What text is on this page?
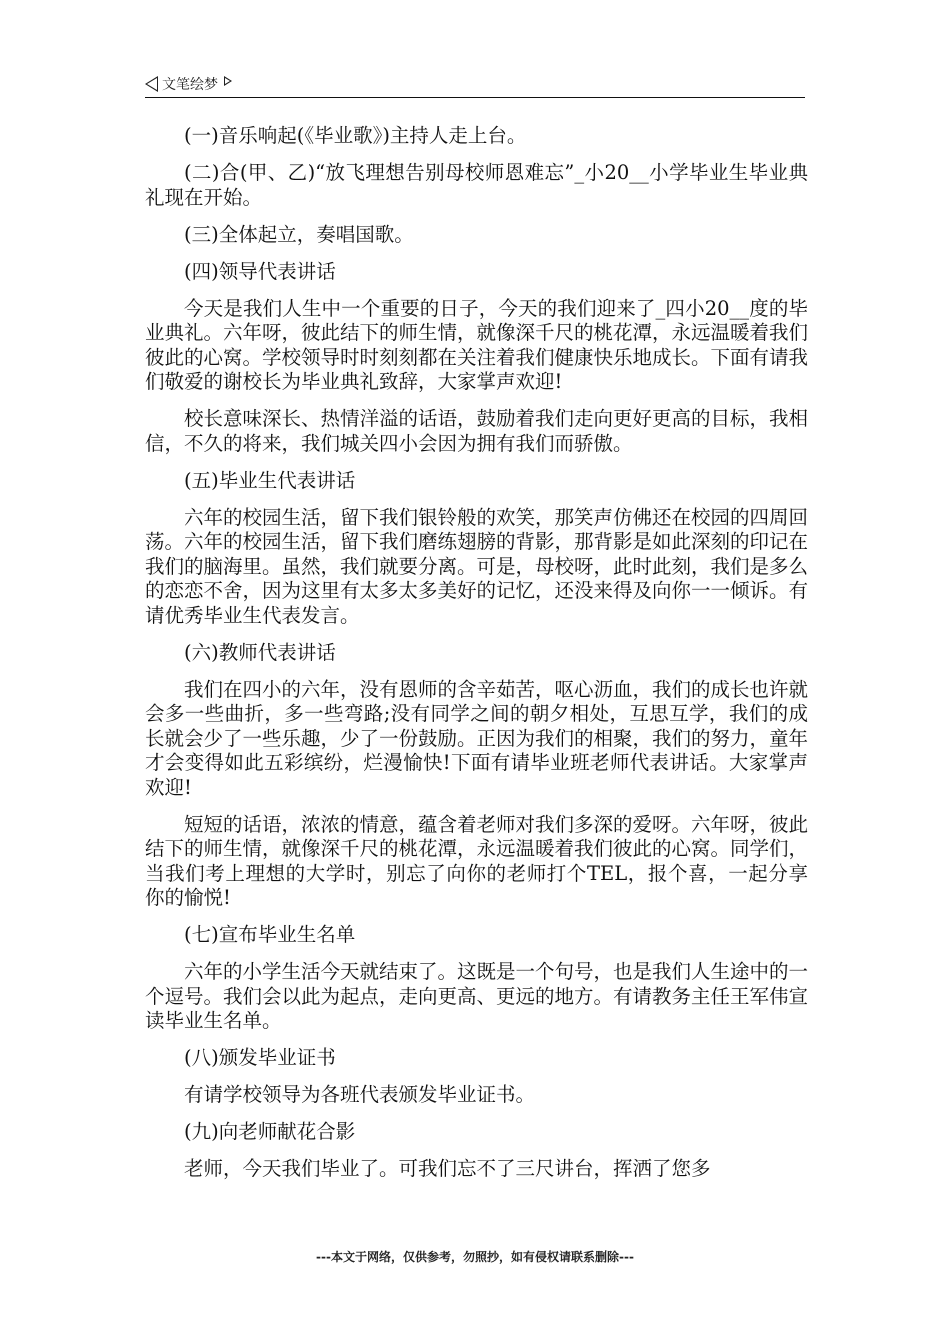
文笔绘梦

(一)音乐响起(《毕业歌》)主持人走上台。

(二)合(甲、乙)“放飞理想告别母校师恩难忘”_小20__小学毕业生毕业典礼现在开始。

(三)全体起立，奏唱国歌。

(四)领导代表讲话

今天是我们人生中一个重要的日子，今天的我们迎来了_四小20__度的毕业典礼。六年呀，彼此结下的师生情，就像深千尺的桃花潭，永远温暖着我们彼此的心窝。学校领导时时刻刻都在关注着我们健康快乐地成长。下面有请我们敬爱的谢校长为毕业典礼致辞，大家掌声欢迎!

校长意味深长、热情洋溢的话语，鼓励着我们走向更好更高的目标，我相信，不久的将来，我们城关四小会因为拥有我们而骄傲。

(五)毕业生代表讲话

六年的校园生活，留下我们银铃般的欢笑，那笑声仿佛还在校园的四周回荡。六年的校园生活，留下我们磨练翅膀的背影，那背影是如此深刻的印记在我们的脑海里。虽然，我们就要分离。可是，母校呀，此时此刻，我们是多么的恋恋不舍，因为这里有太多太多美好的记忆，还没来得及向你一一倾诉。有请优秀毕业生代表发言。

(六)教师代表讲话

我们在四小的六年，没有恩师的含辛茹苦，呕心沥血，我们的成长也许就会多一些曲折，多一些弯路;没有同学之间的朝夕相处，互思互学，我们的成长就会少了一些乐趣，少了一份鼓励。正因为我们的相聚，我们的努力，童年才会变得如此五彩缤纷，烂漫愉快!下面有请毕业班老师代表讲话。大家掌声欢迎!

短短的话语，浓浓的情意，蕴含着老师对我们多深的爱呀。六年呀，彼此结下的师生情，就像深千尺的桃花潭，永远温暖着我们彼此的心窝。同学们，当我们考上理想的大学时，别忘了向你的老师打个TEL，报个喜，一起分享你的愉悦!

(七)宣布毕业生名单

六年的小学生活今天就结束了。这既是一个句号，也是我们人生途中的一个逗号。我们会以此为起点，走向更高、更远的地方。有请教务主任王军伟宣读毕业生名单。

(八)颁发毕业证书

有请学校领导为各班代表颁发毕业证书。

(九)向老师献花合影

老师，今天我们毕业了。可我们忘不了三尺讲台，挥洒了您多

---本文于网络，仅供参考，勿照抄，如有侵权请联系删除---
